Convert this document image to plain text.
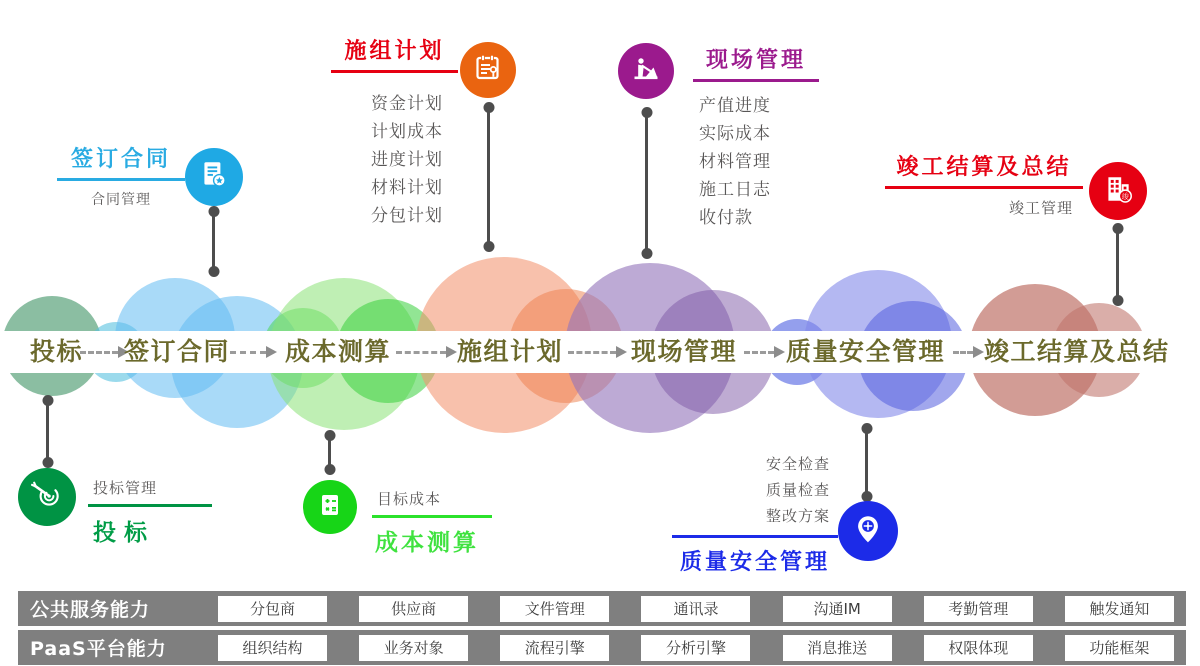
投标 签订合同 成本测算	施组计划	现场管理 质量安全管理 竣工结算及总结
竣
签订合同
合同管理
施组计划
资金计划
计划成本
进度计划
材料计划
分包计划
现场管理
产值进度
实际成本
材料管理
施工日志
收付款
竣工结算及总结
竣工管理
投标管理
投标
目标成本
成本测算
安全检查
质量检查
整改方案
质量安全管理
公共服务能力	分包商	供应商	文件管理	通讯录	沟通IM	考勤管理	触发通知
PaaS平台能力	组织结构	业务对象	流程引擎	分析引擎	消息推送	权限体现	功能框架
